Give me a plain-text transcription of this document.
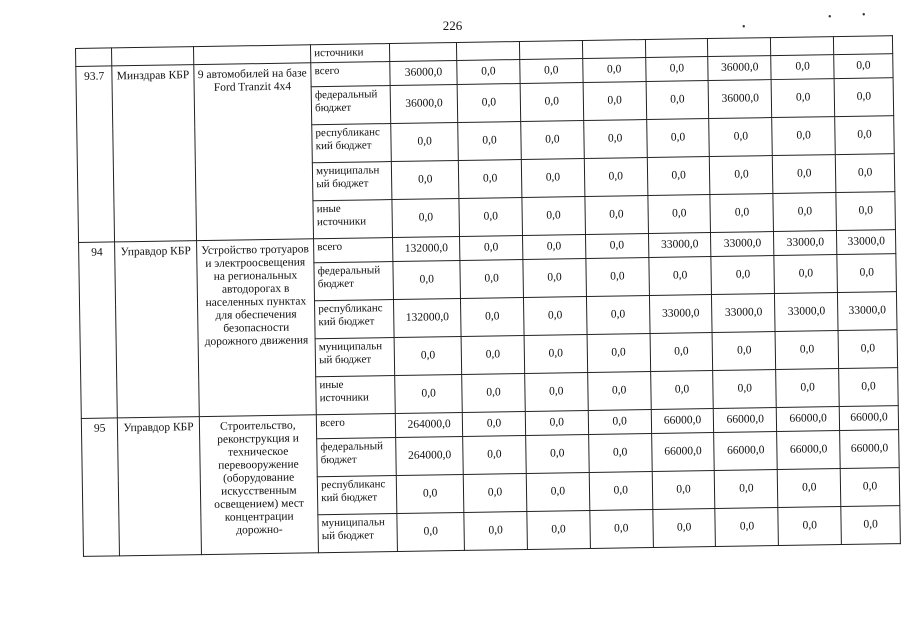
226	•
•	•
			источники								
93.7	Минздрав КБР	9 автомобилей на базе Ford Tranzit 4x4	всего	36000,0	0,0	0,0	0,0	0,0	36000,0	0,0	0,0
			федеральный бюджет	36000,0	0,0	0,0	0,0	0,0	36000,0	0,0	0,0
			республиканс кий бюджет	0,0	0,0	0,0	0,0	0,0	0,0	0,0	0,0
			муниципальн ый бюджет	0,0	0,0	0,0	0,0	0,0	0,0	0,0	0,0
			иные источники	0,0	0,0	0,0	0,0	0,0	0,0	0,0	0,0
94	Управдор КБР	Устройство тротуаров и электроосвещения на региональных автодорогах в населенных пунктах для обеспечения безопасности дорожного движения	всего	132000,0	0,0	0,0	0,0	33000,0	33000,0	33000,0	33000,0
			федеральный бюджет	0,0	0,0	0,0	0,0	0,0	0,0	0,0	0,0
			республиканс кий бюджет	132000,0	0,0	0,0	0,0	33000,0	33000,0	33000,0	33000,0
			муниципальн ый бюджет	0,0	0,0	0,0	0,0	0,0	0,0	0,0	0,0
			иные источники	0,0	0,0	0,0	0,0	0,0	0,0	0,0	0,0
95	Управдор КБР	Строительство, реконструкция и техническое перевооружение (оборудование искусственным освещением) мест концентрации дорожно-	всего	264000,0	0,0	0,0	0,0	66000,0	66000,0	66000,0	66000,0
			федеральный бюджет	264000,0	0,0	0,0	0,0	66000,0	66000,0	66000,0	66000,0
			республиканс кий бюджет	0,0	0,0	0,0	0,0	0,0	0,0	0,0	0,0
			муниципальн ый бюджет	0,0	0,0	0,0	0,0	0,0	0,0	0,0	0,0
